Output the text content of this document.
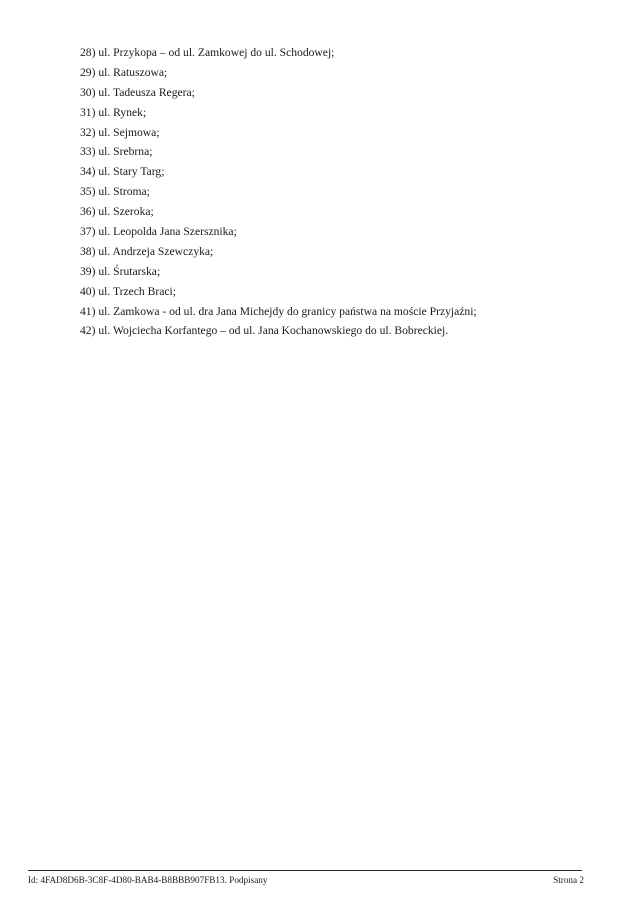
28) ul. Przykopa – od ul. Zamkowej do ul. Schodowej;
29) ul. Ratuszowa;
30) ul. Tadeusza Regera;
31) ul. Rynek;
32) ul. Sejmowa;
33) ul. Srebrna;
34) ul. Stary Targ;
35) ul. Stroma;
36) ul. Szeroka;
37) ul. Leopolda Jana Szersznika;
38) ul. Andrzeja Szewczyka;
39) ul. Śrutarska;
40) ul. Trzech Braci;
41) ul. Zamkowa - od ul. dra Jana Michejdy do granicy państwa na moście Przyjaźni;
42) ul. Wojciecha Korfantego – od ul. Jana Kochanowskiego do ul. Bobreckiej.
Id: 4FAD8D6B-3C8F-4D80-BAB4-B8BBB907FB13. Podpisany	Strona 2
